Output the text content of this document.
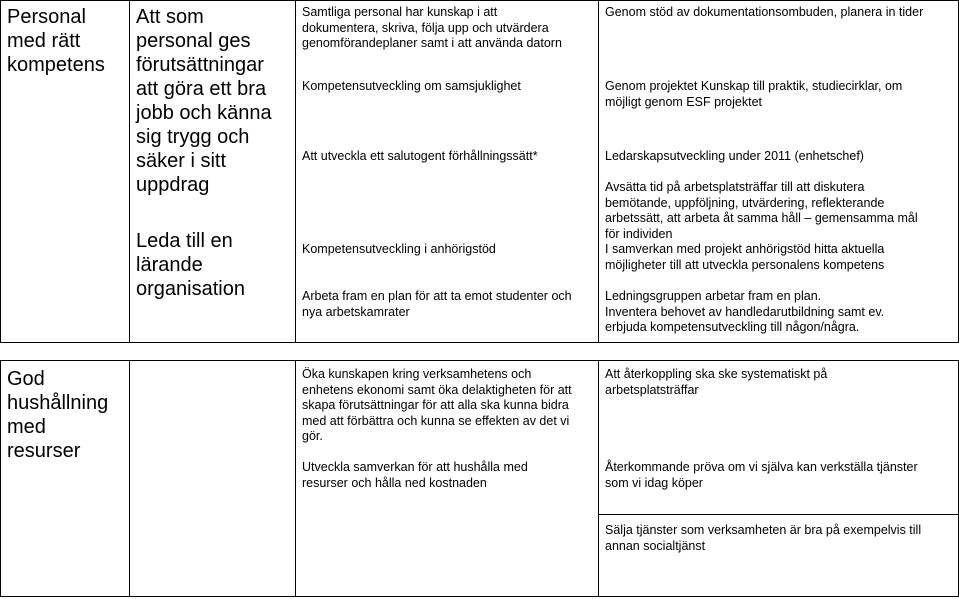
Personal

med rätt

kompetens

Att som

personal ges

förutsättningar

att göra ett bra

jobb och känna

sig trygg och

säker i sitt

uppdrag

Leda till en

lärande

organisation

Samtliga personal har kunskap i att

dokumentera, skriva, följa upp och utvärdera

genomförandeplaner samt i att använda datorn

Kompetensutveckling om samsjuklighet

Att utveckla ett salutogent förhållningssätt*

Kompetensutveckling i anhörigstöd

Arbeta fram en plan för att ta emot studenter och

nya arbetskamrater

Genom stöd av dokumentationsombuden, planera in tider

Genom projektet Kunskap till praktik, studiecirklar, om

möjligt genom ESF projektet

Ledarskapsutveckling under 2011 (enhetschef)

Avsätta tid på arbetsplatsträffar till att diskutera

bemötande, uppföljning, utvärdering, reflekterande

arbetssätt, att arbeta åt samma håll – gemensamma mål

för individen

I samverkan med projekt anhörigstöd hitta aktuella

möjligheter till att utveckla personalens kompetens

Ledningsgruppen arbetar fram en plan.

Inventera behovet av handledarutbildning samt ev.

erbjuda kompetensutveckling till någon/några.

God

hushållning

med

resurser

Öka kunskapen kring verksamhetens och

enhetens ekonomi samt öka delaktigheten för att

skapa förutsättningar för att alla ska kunna bidra

med att förbättra och kunna se effekten av det vi

gör.

Utveckla samverkan för att hushålla med

resurser och hålla ned kostnaden

Att återkoppling ska ske systematiskt på

arbetsplatsträffar

Återkommande pröva om vi själva kan verkställa tjänster

som vi idag köper

Sälja tjänster som verksamheten är bra på exempelvis till

annan socialtjänst
